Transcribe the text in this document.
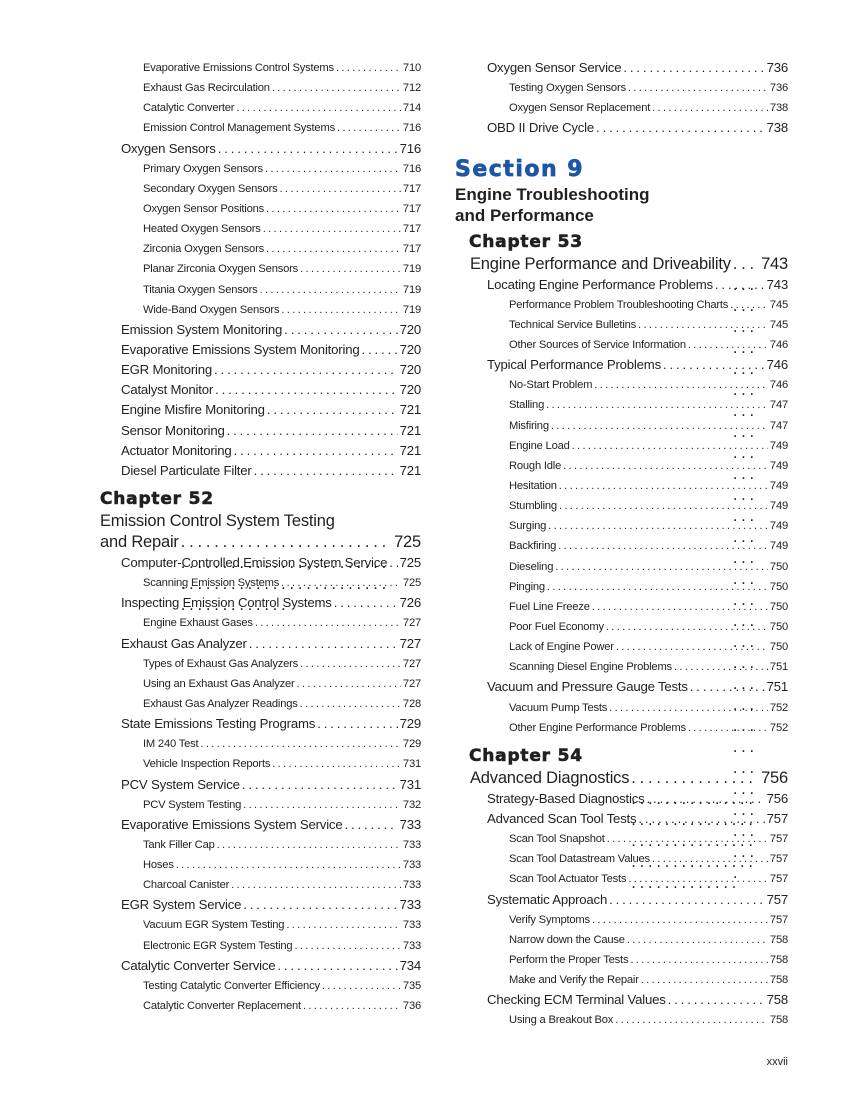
Evaporative Emissions Control Systems . . .	710
Exhaust Gas Recirculation . . .	712
Catalytic Converter . . .	714
Emission Control Management Systems . . .	716
Oxygen Sensors . . .	716
Primary Oxygen Sensors . . .	716
Secondary Oxygen Sensors . . .	717
Oxygen Sensor Positions . . .	717
Heated Oxygen Sensors . . .	717
Zirconia Oxygen Sensors . . .	717
Planar Zirconia Oxygen Sensors . . .	719
Titania Oxygen Sensors . . .	719
Wide-Band Oxygen Sensors . . .	719
Emission System Monitoring . . .	720
Evaporative Emissions System Monitoring . . .	720
EGR Monitoring . . .	720
Catalyst Monitor . . .	720
Engine Misfire Monitoring . . .	721
Sensor Monitoring . . .	721
Actuator Monitoring . . .	721
Diesel Particulate Filter . . .	721
Chapter 52
Emission Control System Testing
and Repair . . .	725
Computer-Controlled Emission System Service . . . 725
Scanning Emission Systems . . .	725
Inspecting Emission Control Systems . . .	726
Engine Exhaust Gases . . .	727
Exhaust Gas Analyzer . . .	727
Types of Exhaust Gas Analyzers . . .	727
Using an Exhaust Gas Analyzer . . .	727
Exhaust Gas Analyzer Readings . . .	728
State Emissions Testing Programs . . .	729
IM 240 Test . . .	729
Vehicle Inspection Reports . . .	731
PCV System Service . . .	731
PCV System Testing . . .	732
Evaporative Emissions System Service . . .	733
Tank Filler Cap . . .	733
Hoses . . .	733
Charcoal Canister . . .	733
EGR System Service . . .	733
Vacuum EGR System Testing . . .	733
Electronic EGR System Testing . . .	733
Catalytic Converter Service . . .	734
Testing Catalytic Converter Efficiency . . .	735
Catalytic Converter Replacement . . .	736
Oxygen Sensor Service . . .	736
Testing Oxygen Sensors . . .	736
Oxygen Sensor Replacement . . .	738
OBD II Drive Cycle . . .	738
Section 9
Engine Troubleshooting
and Performance
Chapter 53
Engine Performance and Driveability . . . 743
Locating Engine Performance Problems . . .	743
Performance Problem Troubleshooting Charts . . .	745
Technical Service Bulletins . . .	745
Other Sources of Service Information . . .	746
Typical Performance Problems . . .	746
No-Start Problem . . .	746
Stalling . . .	747
Misfiring . . .	747
Engine Load . . .	749
Rough Idle . . .	749
Hesitation . . .	749
Stumbling . . .	749
Surging . . .	749
Backfiring . . .	749
Dieseling . . .	750
Pinging . . .	750
Fuel Line Freeze . . .	750
Poor Fuel Economy . . .	750
Lack of Engine Power . . .	750
Scanning Diesel Engine Problems . . .	751
Vacuum and Pressure Gauge Tests . . .	751
Vacuum Pump Tests . . .	752
Other Engine Performance Problems . . .	752
Chapter 54
Advanced Diagnostics . . .	756
Strategy-Based Diagnostics . . .	756
Advanced Scan Tool Tests . . .	757
Scan Tool Snapshot . . .	757
Scan Tool Datastream Values . . .	757
Scan Tool Actuator Tests . . .	757
Systematic Approach . . .	757
Verify Symptoms . . .	757
Narrow down the Cause . . .	758
Perform the Proper Tests . . .	758
Make and Verify the Repair . . .	758
Checking ECM Terminal Values . . .	758
Using a Breakout Box . . .	758
xxvii
